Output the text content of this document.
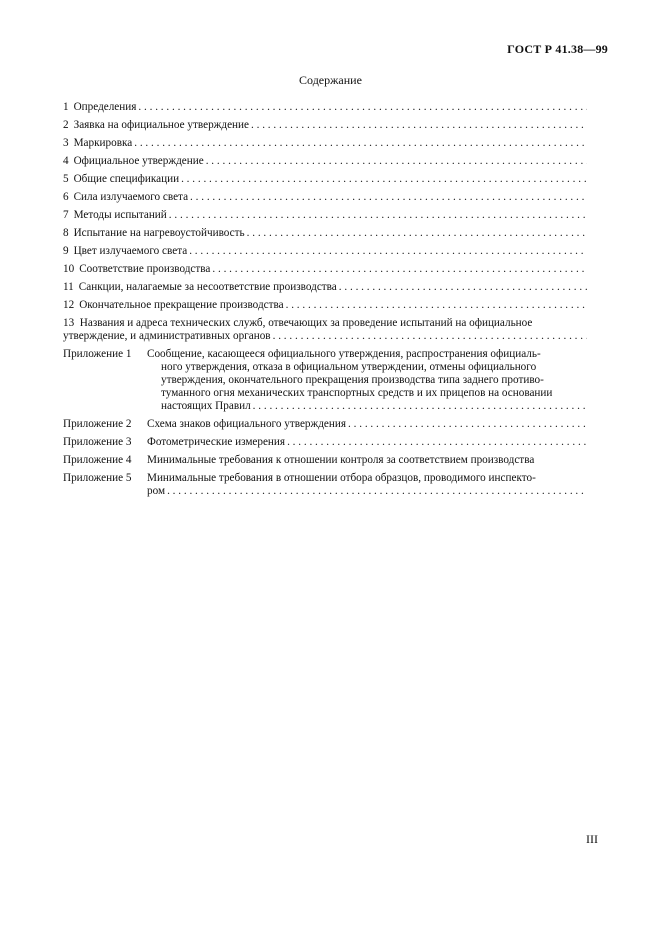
ГОСТ Р 41.38—99
Содержание
1 Определения
. . .
2 Заявка на официальное утверждение
. . .
3 Маркировка
. . .
4 Официальное утверждение
. . .
5 Общие спецификации
. . .
6 Сила излучаемого света
. . .
7 Методы испытаний
. . .
8 Испытание на нагревоустойчивость
. . .
9 Цвет излучаемого света
. . .
10 Соответствие производства
. . .
11 Санкции, налагаемые за несоответствие производства
. . .
12 Окончательное прекращение производства
. . .
13 Названия и адреса технических служб, отвечающих за проведение испытаний на официальное
утверждение, и административных органов
. . .
Приложение 1	Сообщение, касающееся официального утверждения, распространения официаль-
ного утверждения, отказа в официальном утверждении, отмены официального
утверждения, окончательного прекращения производства типа заднего противо-
туманного огня механических транспортных средств и их прицепов на основании
настоящих Правил
. . .
Приложение 2	Схема знаков официального утверждения
. . .
Приложение 3	Фотометрические измерения
. . .
Приложение 4	Минимальные требования к отношении контроля за соответствием производства
Приложение 5	Минимальные требования в отношении отбора образцов, проводимого инспекто-
ром
. . .
III
